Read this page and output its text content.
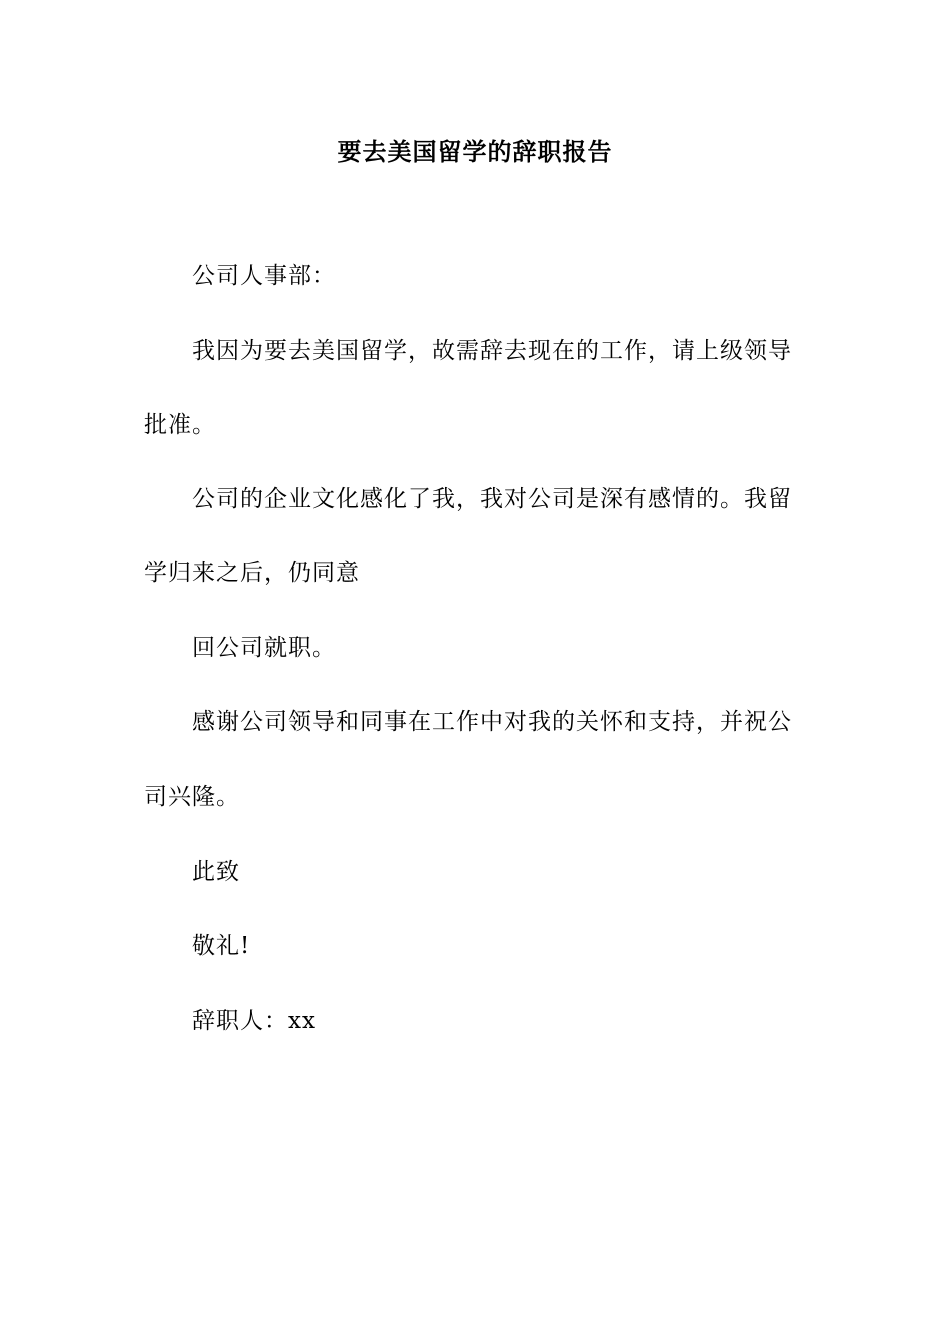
要去美国留学的辞职报告
公司人事部：
我因为要去美国留学，故需辞去现在的工作，请上级领导
批准。
公司的企业文化感化了我，我对公司是深有感情的。我留
学归来之后，仍同意
回公司就职。
感谢公司领导和同事在工作中对我的关怀和支持，并祝公
司兴隆。
此致
敬礼!
辞职人：xx
